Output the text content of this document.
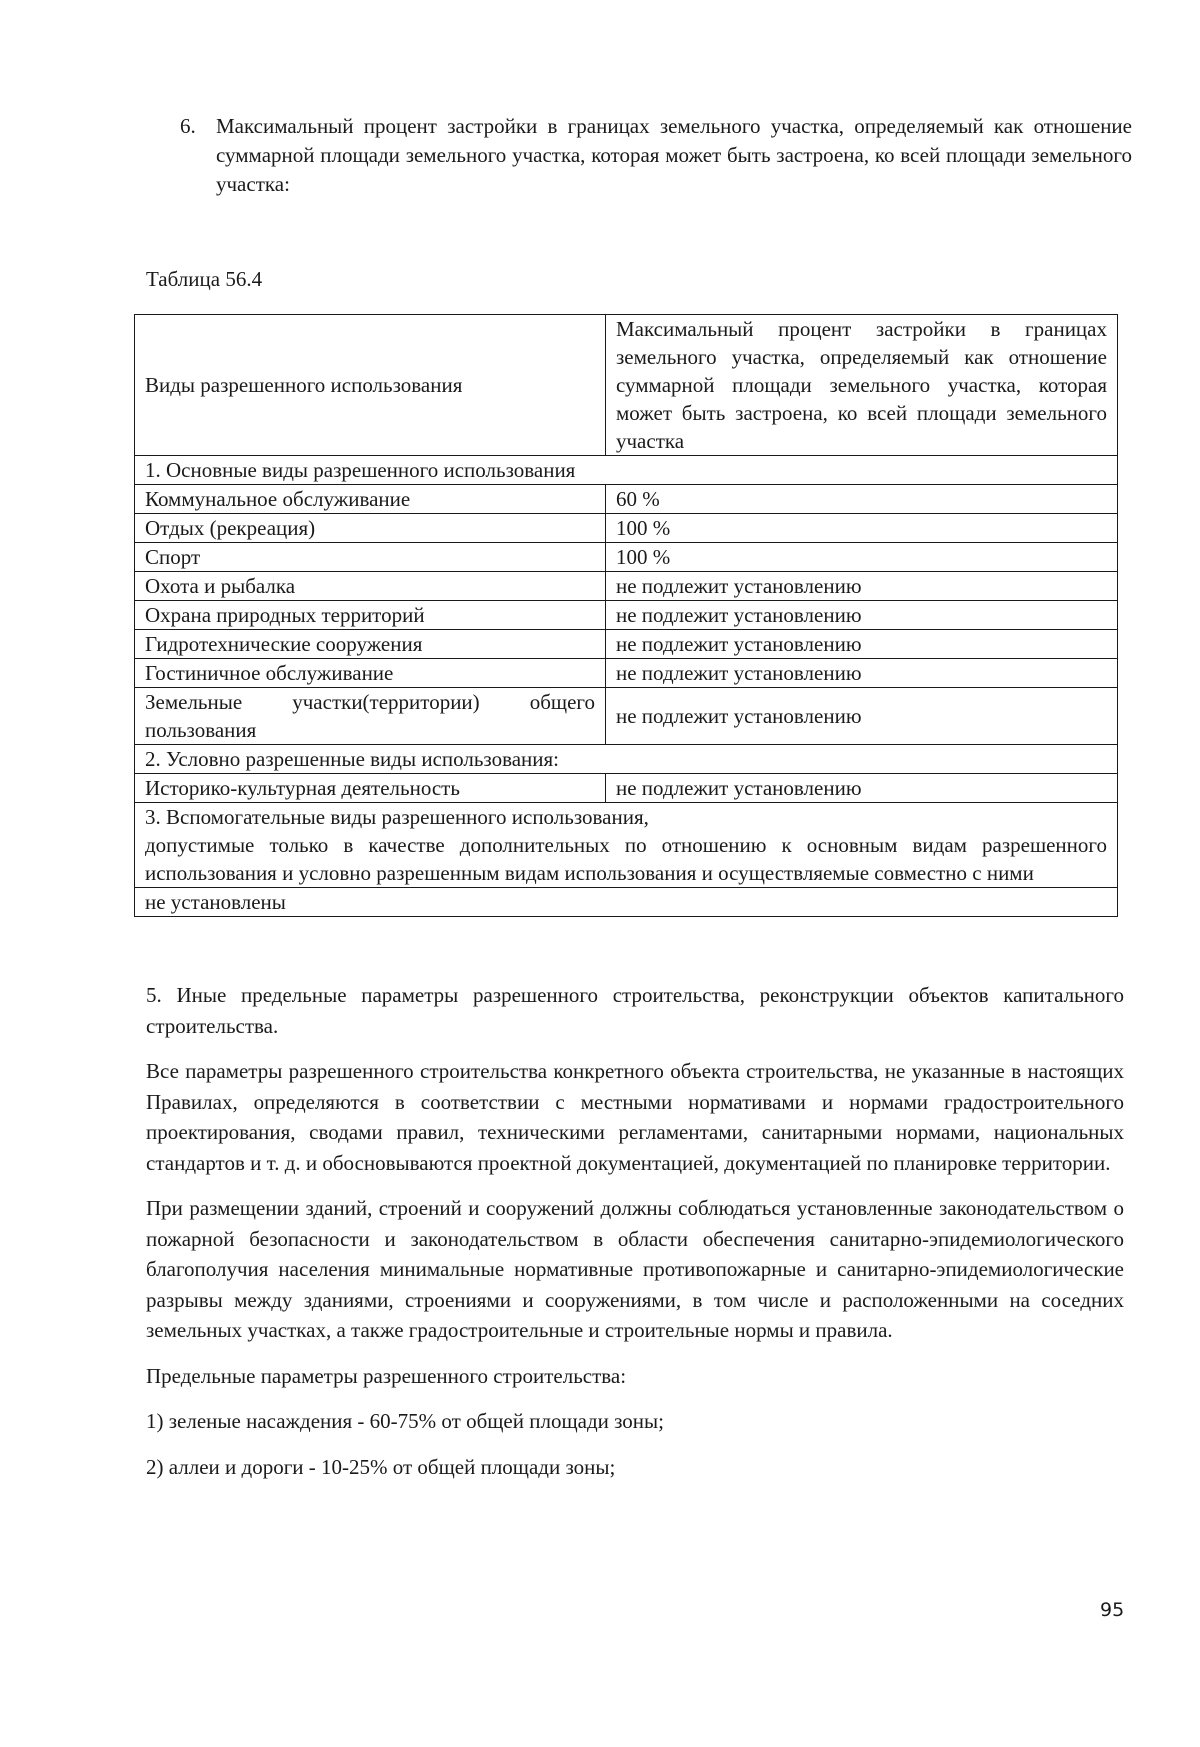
6. Максимальный процент застройки в границах земельного участка, определяемый как отношение суммарной площади земельного участка, которая может быть застроена, ко всей площади земельного участка:
Таблица 56.4
Виды разрешенного использования	Максимальный процент застройки в границах земельного участка, определяемый как отношение суммарной площади земельного участка, которая может быть застроена, ко всей площади земельного участка
1. Основные виды разрешенного использования	
Коммунальное обслуживание	60 %
Отдых (рекреация)	100 %
Спорт	100 %
Охота и рыбалка	не подлежит установлению
Охрана природных территорий	не подлежит установлению
Гидротехнические сооружения	не подлежит установлению
Гостиничное обслуживание	не подлежит установлению
Земельные участки(территории) общего пользования	не подлежит установлению
2. Условно разрешенные виды использования:	
Историко-культурная деятельность	не подлежит установлению

3. Вспомогательные виды разрешенного использования,
допустимые только в качестве дополнительных по отношению к основным видам разрешенного использования и условно разрешенным видам использования и осуществляемые совместно с ними	

не установлены	

5. Иные предельные параметры разрешенного строительства, реконструкции объектов капитального строительства.

Все параметры разрешенного строительства конкретного объекта строительства, не указанные в настоящих Правилах, определяются в соответствии с местными нормативами и нормами градостроительного проектирования, сводами правил, техническими регламентами, санитарными нормами, национальных стандартов и т. д. и обосновываются проектной документацией, документацией по планировке территории.

При размещении зданий, строений и сооружений должны соблюдаться установленные законодательством о пожарной безопасности и законодательством в области обеспечения санитарно-эпидемиологического благополучия населения минимальные нормативные противопожарные и санитарно-эпидемиологические разрывы между зданиями, строениями и сооружениями, в том числе и расположенными на соседних земельных участках, а также градостроительные и строительные нормы и правила.

Предельные параметры разрешенного строительства:

1) зеленые насаждения - 60-75% от общей площади зоны;

2) аллеи и дороги - 10-25% от общей площади зоны;

95
